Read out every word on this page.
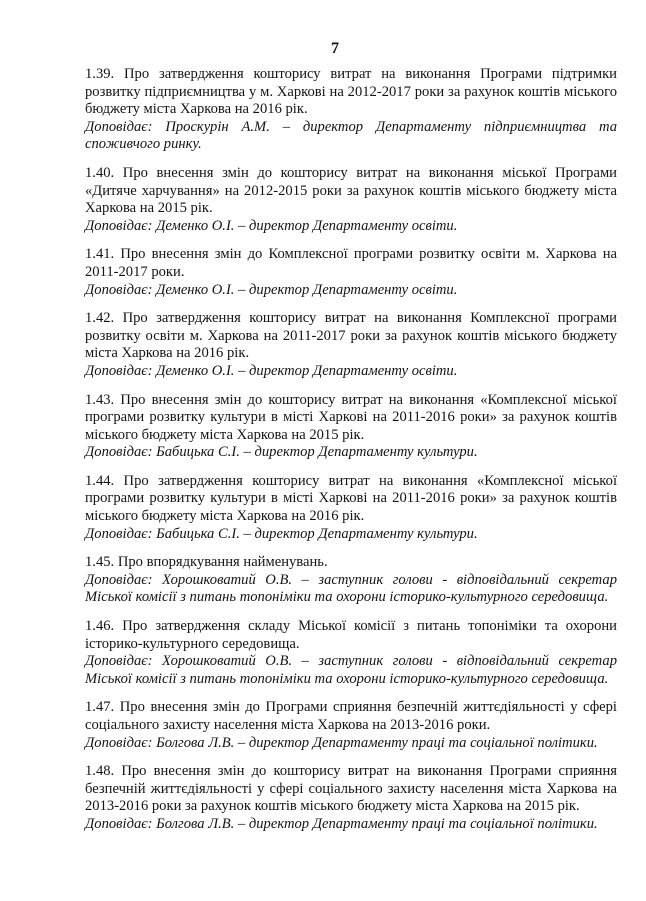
7

1.39. Про затвердження кошторису витрат на виконання Програми підтримки розвитку підприємництва у м. Харкові на 2012-2017 роки за рахунок коштів міського бюджету міста Харкова на 2016 рік.

Доповідає: Проскурін А.М. – директор Департаменту підприємництва та споживчого ринку.

1.40. Про внесення змін до кошторису витрат на виконання міської Програми «Дитяче харчування» на 2012-2015 роки за рахунок коштів міського бюджету міста Харкова на 2015 рік.

Доповідає: Деменко О.І. – директор Департаменту освіти.

1.41. Про внесення змін до Комплексної програми розвитку освіти м. Харкова на 2011-2017 роки.

Доповідає: Деменко О.І. – директор Департаменту освіти.

1.42. Про затвердження кошторису витрат на виконання Комплексної програми розвитку освіти м. Харкова на 2011-2017 роки за рахунок коштів міського бюджету міста Харкова на 2016 рік.

Доповідає: Деменко О.І. – директор Департаменту освіти.

1.43. Про внесення змін до кошторису витрат на виконання «Комплексної міської програми розвитку культури в місті Харкові на 2011-2016 роки» за рахунок коштів міського бюджету міста Харкова на 2015 рік.

Доповідає: Бабицька С.І. – директор Департаменту культури.

1.44. Про затвердження кошторису витрат на виконання «Комплексної міської програми розвитку культури в місті Харкові на 2011-2016 роки» за рахунок коштів міського бюджету міста Харкова на 2016 рік.

Доповідає: Бабицька С.І. – директор Департаменту культури.

1.45. Про впорядкування найменувань.

Доповідає: Хорошковатий О.В. – заступник голови - відповідальний секретар Міської комісії з питань топоніміки та охорони історико-культурного середовища.

1.46. Про затвердження складу Міської комісії з питань топоніміки та охорони історико-культурного середовища.

Доповідає: Хорошковатий О.В. – заступник голови - відповідальний секретар Міської комісії з питань топоніміки та охорони історико-культурного середовища.

1.47. Про внесення змін до Програми сприяння безпечній життєдіяльності у сфері соціального захисту населення міста Харкова на 2013-2016 роки.

Доповідає: Болгова Л.В. – директор Департаменту праці та соціальної політики.

1.48. Про внесення змін до кошторису витрат на виконання Програми сприяння безпечній життєдіяльності у сфері соціального захисту населення міста Харкова на 2013-2016 роки за рахунок коштів міського бюджету міста Харкова на 2015 рік.

Доповідає: Болгова Л.В. – директор Департаменту праці та соціальної політики.
